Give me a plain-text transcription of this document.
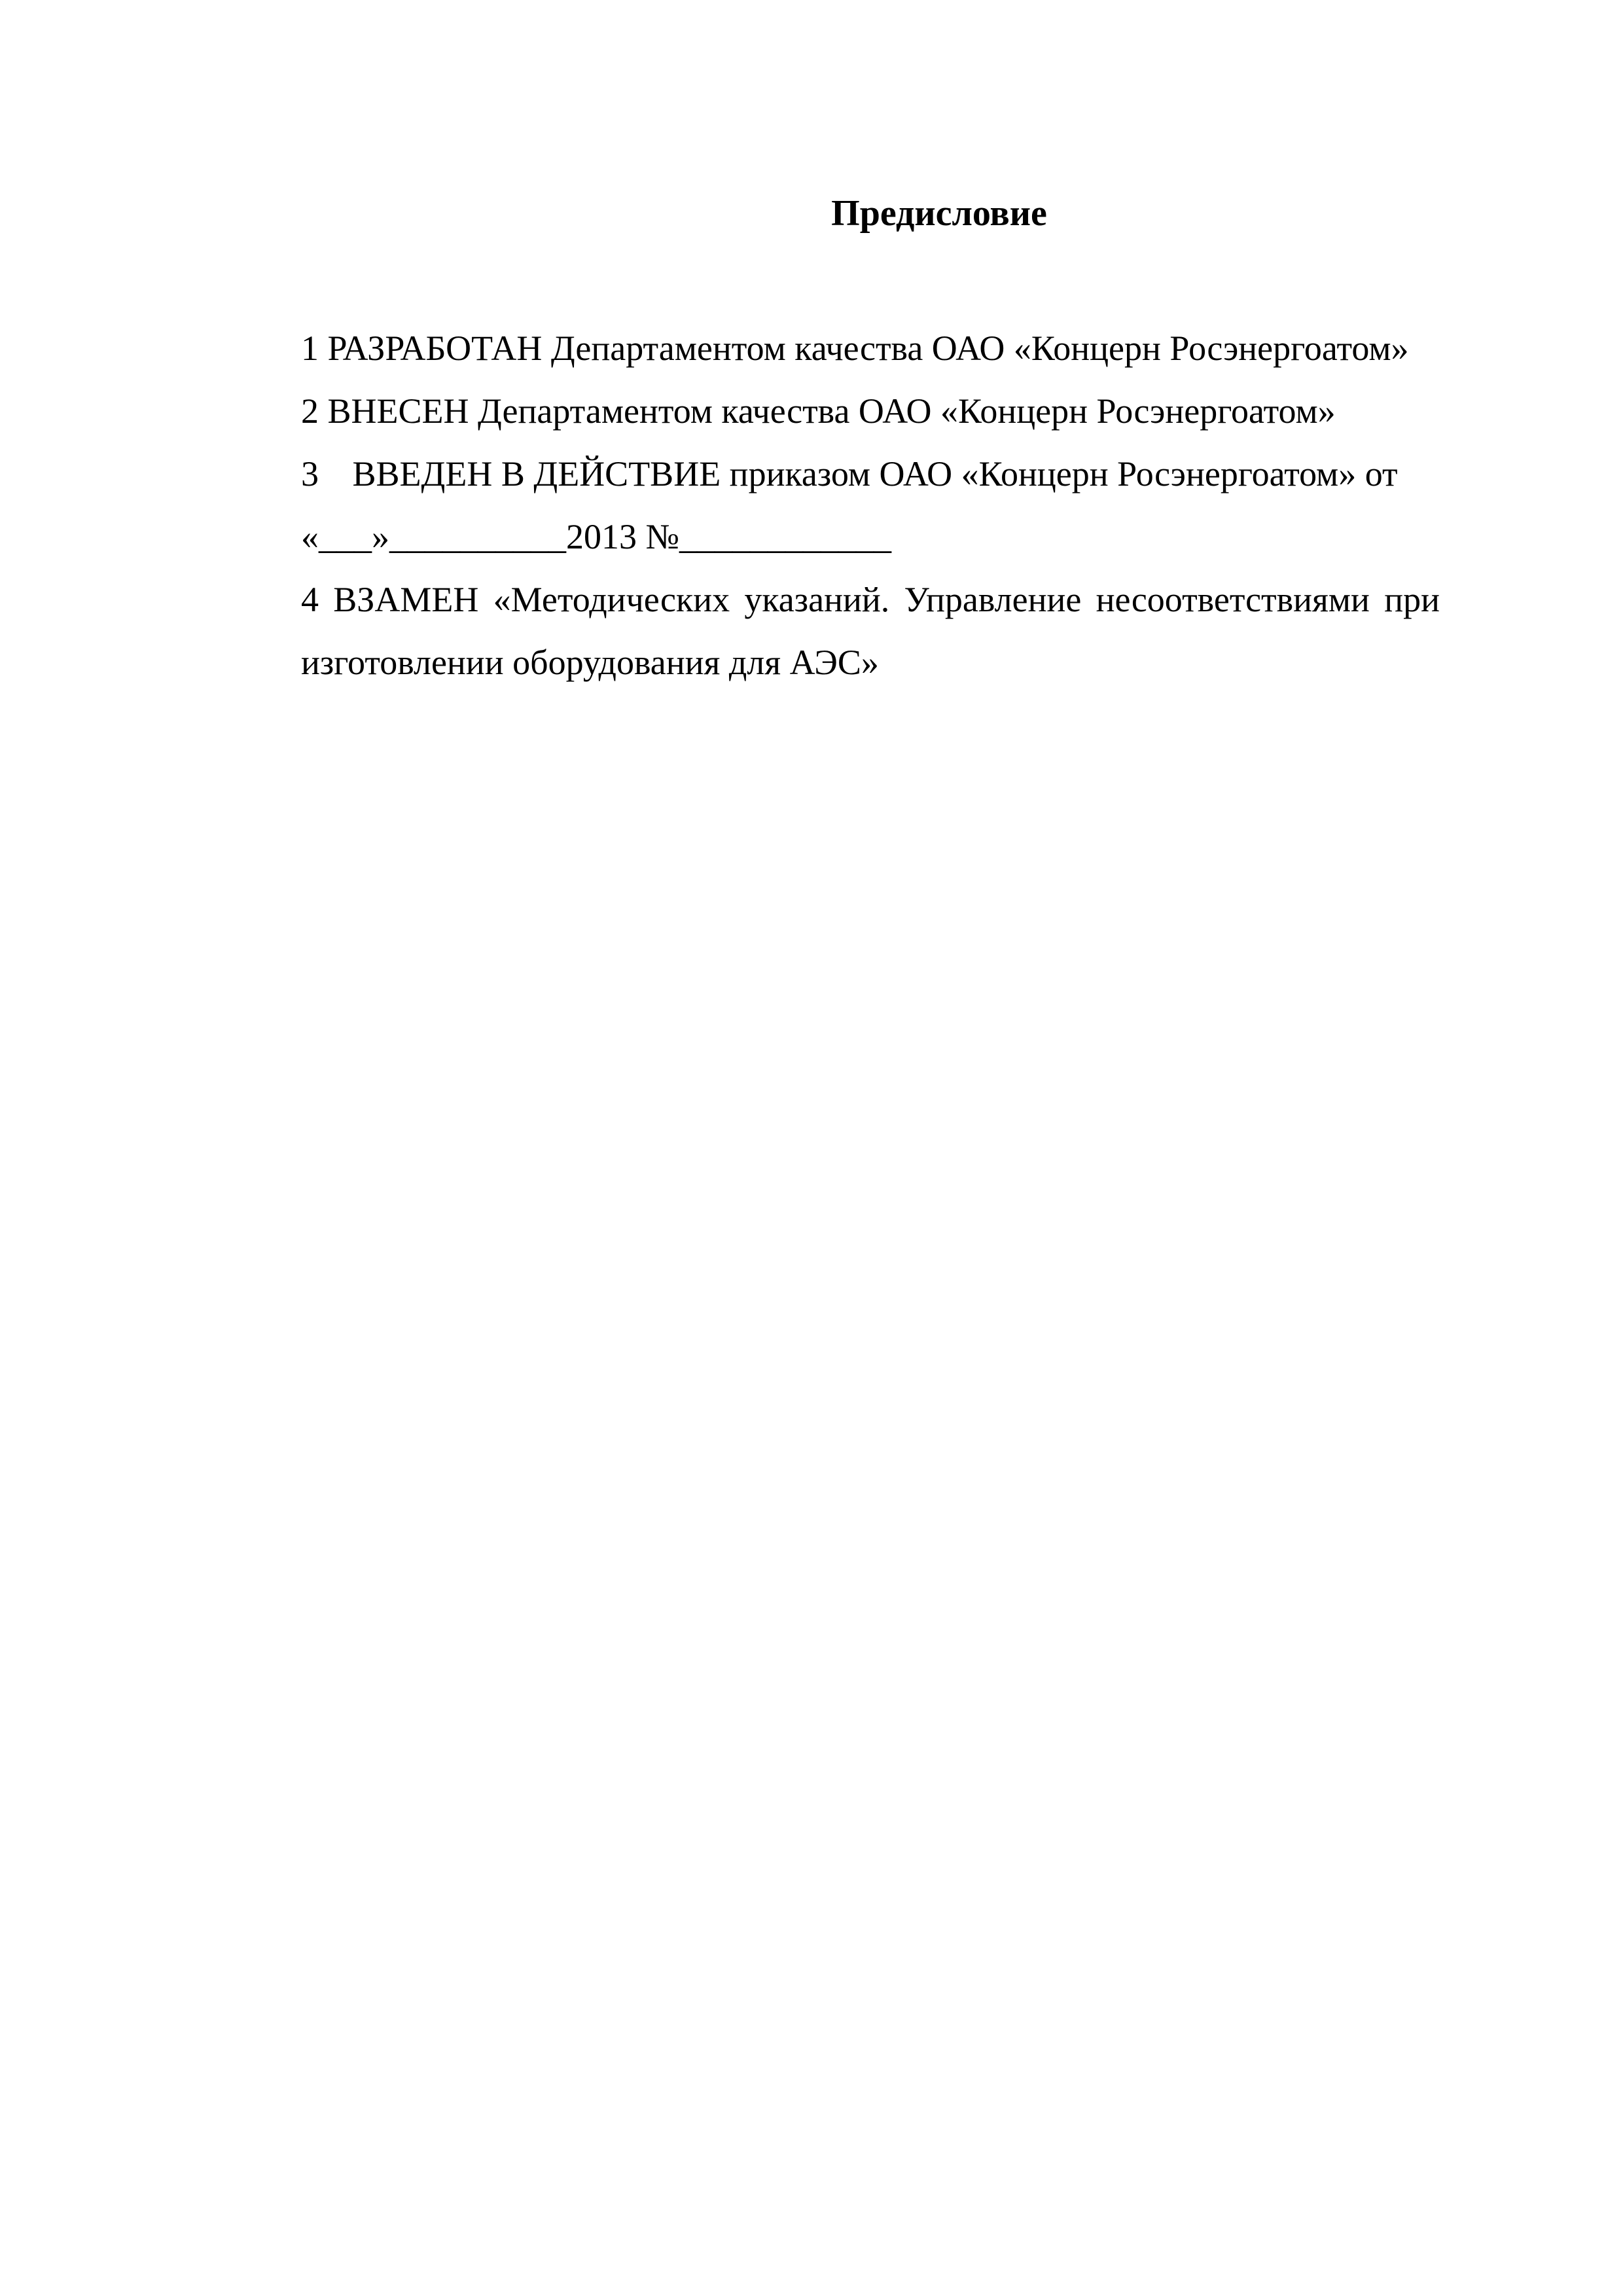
Предисловие
1 РАЗРАБОТАН Департаментом качества ОАО «Концерн Росэнергоатом»
2 ВНЕСЕН Департаментом качества ОАО «Концерн Росэнергоатом»
3 ВВЕДЕН В ДЕЙСТВИЕ приказом ОАО «Концерн Росэнергоатом» от
«___»__________2013 №____________
4 ВЗАМЕН «Методических указаний. Управление несоответствиями при
изготовлении оборудования для АЭС»
